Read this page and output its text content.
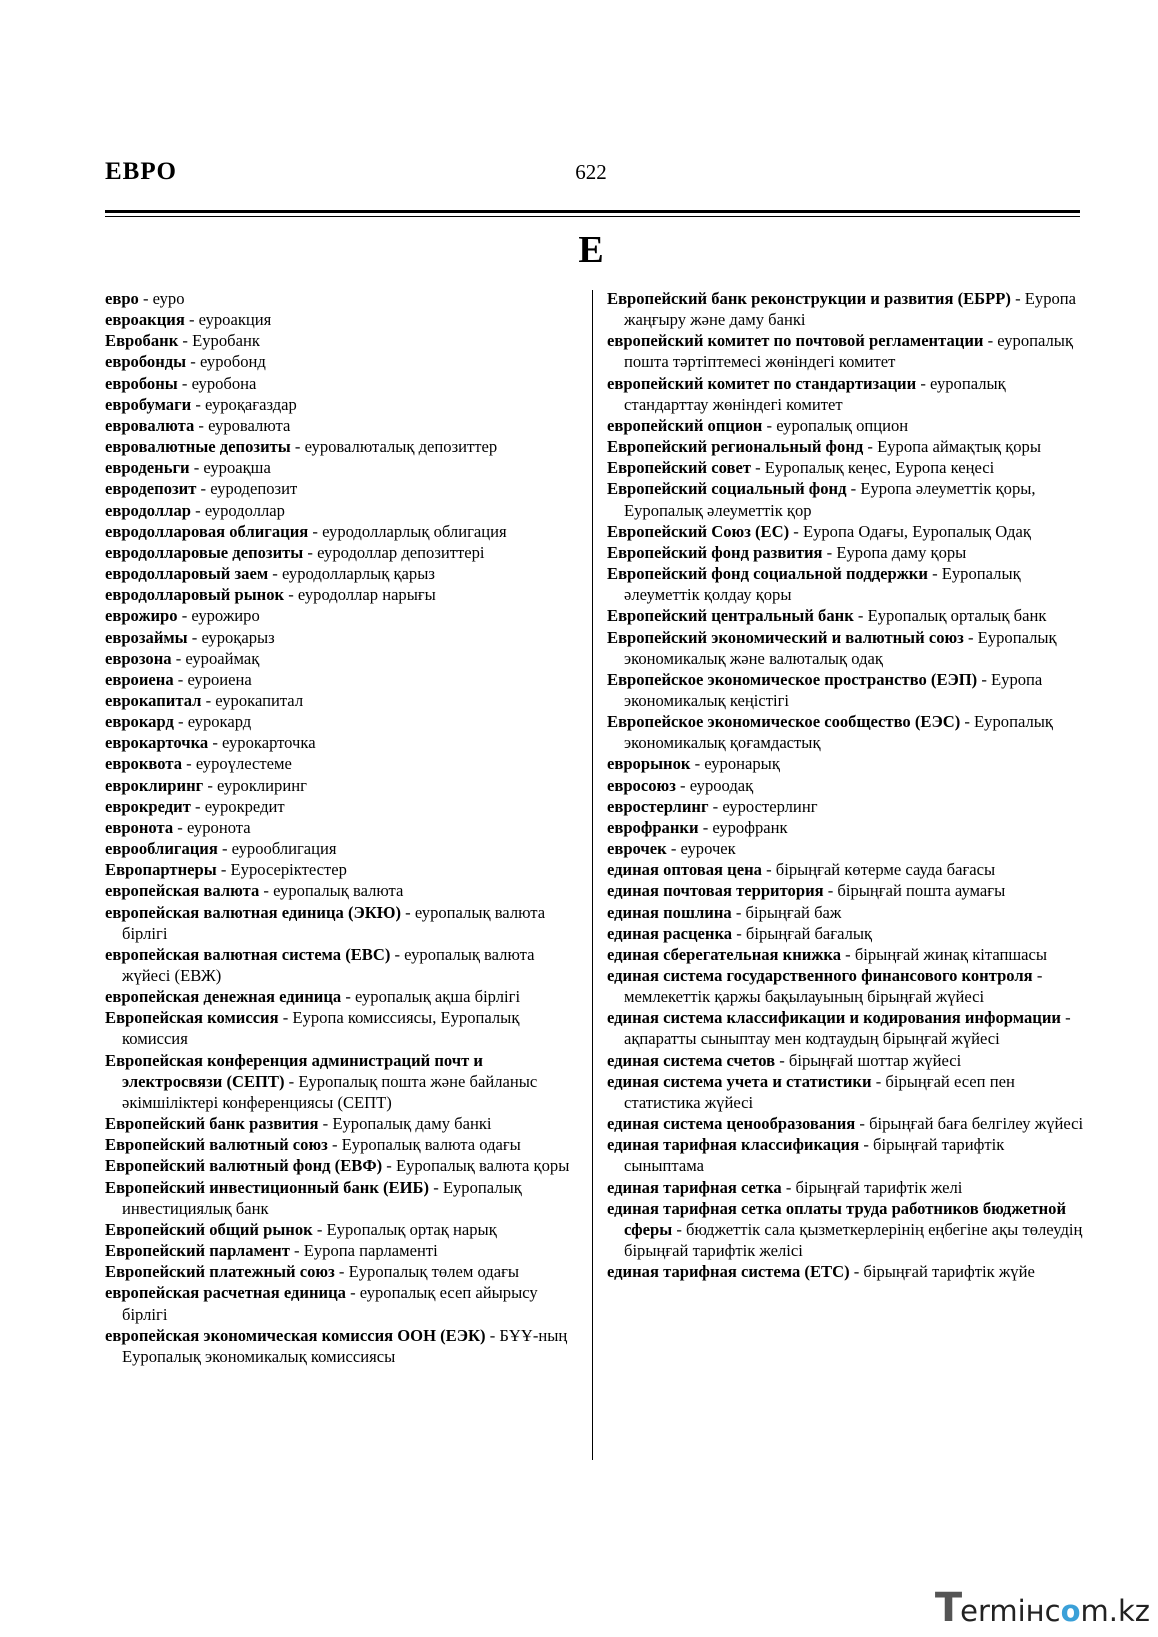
ЕВРО	622
Е

евро - еуро

евроакция - еуроакция

Евробанк - Еуробанк

евробонды - еуробонд

евробоны - еуробона

евробумаги - еуроқағаздар

евровалюта - еуровалюта

евровалютные депозиты - еуровалюталық депозиттер

евроденьги - еуроақша

евродепозит - еуродепозит

евродоллар - еуродоллар

евродолларовая облигация - еуродолларлық облигация

евродолларовые депозиты - еуродоллар депозиттері

евродолларовый заем - еуродолларлық қарыз

евродолларовый рынок - еуродоллар нарығы

еврожиро - еурожиро

еврозаймы - еуроқарыз

еврозона - еуроаймақ

евроиена - еуроиена

еврокапитал - еурокапитал

еврокард - еурокард

еврокарточка - еурокарточка

евроквота - еуроүлестеме

евроклиринг - еуроклиринг

еврокредит - еурокредит

евронота - еуронота

еврооблигация - еурооблигация

Европартнеры - Еуросеріктестер

европейская валюта - еуропалық валюта

европейская валютная единица (ЭКЮ) - еуропалық валюта бірлігі

европейская валютная система (ЕВС) - еуропалық валюта жүйесі (ЕВЖ)

европейская денежная единица - еуропалық ақша бірлігі

Европейская комиссия - Еуропа комиссиясы, Еуропалық комиссия

Европейская конференция администраций почт и электросвязи (СЕПТ) - Еуропалық пошта және байланыс әкімшіліктері конференциясы (СЕПТ)

Европейский банк развития - Еуропалық даму банкі

Европейский валютный союз - Еуропалық валюта одағы

Европейский валютный фонд (ЕВФ) - Еуропалық валюта қоры

Европейский инвестиционный банк (ЕИБ) - Еуропалық инвестициялық банк

Европейский общий рынок - Еуропалық ортақ нарық

Европейский парламент - Еуропа парламенті

Европейский платежный союз - Еуропалық төлем одағы

европейская расчетная единица - еуропалық есеп айырысу бірлігі

европейская экономическая комиссия ООН (ЕЭК) - БҰҰ-ның Еуропалық экономикалық комиссиясы

Европейский банк реконструкции и развития (ЕБРР) - Еуропа жаңғыру және даму банкі

европейский комитет по почтовой регламентации - еуропалық пошта тәртіптемесі жөніндегі комитет

европейский комитет по стандартизации - еуропалық стандарттау жөніндегі комитет

европейский опцион - еуропалық опцион

Европейский региональный фонд - Еуропа аймақтық қоры

Европейский совет - Еуропалық кеңес, Еуропа кеңесі

Европейский социальный фонд - Еуропа әлеуметтік қоры, Еуропалық әлеуметтік қор

Европейский Союз (ЕС) - Еуропа Одағы, Еуропалық Одақ

Европейский фонд развития - Еуропа даму қоры

Европейский фонд социальной поддержки - Еуропалық әлеуметтік қолдау қоры

Европейский центральный банк - Еуропалық орталық банк

Европейский экономический и валютный союз - Еуропалық экономикалық және валюталық одақ

Европейское экономическое пространство (ЕЭП) - Еуропа экономикалық кеңістігі

Европейское экономическое сообщество (ЕЭС) - Еуропалық экономикалық қоғамдастық

еврорынок - еуронарық

евросоюз - еуроодақ

евростерлинг - еуростерлинг

еврофранки - еурофранк

еврочек - еурочек

единая оптовая цена - бірыңғай көтерме сауда бағасы

единая почтовая территория - бірыңғай пошта аумағы

единая пошлина - бірыңғай баж

единая расценка - бірыңғай бағалық

единая сберегательная книжка - бірыңғай жинақ кітапшасы

единая система государственного финансового контроля - мемлекеттік қаржы бақылауының бірыңғай жүйесі

единая система классификации и кодирования информации - ақпаратты сыныптау мен кодтаудың бірыңғай жүйесі

единая система счетов - бірыңғай шоттар жүйесі

единая система учета и статистики - бірыңғай есеп пен статистика жүйесі

единая система ценообразования - бірыңғай баға белгілеу жүйесі

единая тарифная классификация - бірыңғай тарифтік сыныптама

единая тарифная сетка - бірыңғай тарифтік желі

единая тарифная сетка оплаты труда работников бюджетной сферы - бюджеттік сала қызметкерлерінің еңбегіне ақы төлеудің бірыңғай тарифтік желісі

единая тарифная система (ЕТС) - бірыңғай тарифтік жүйе

T
ermінc o m.kz
